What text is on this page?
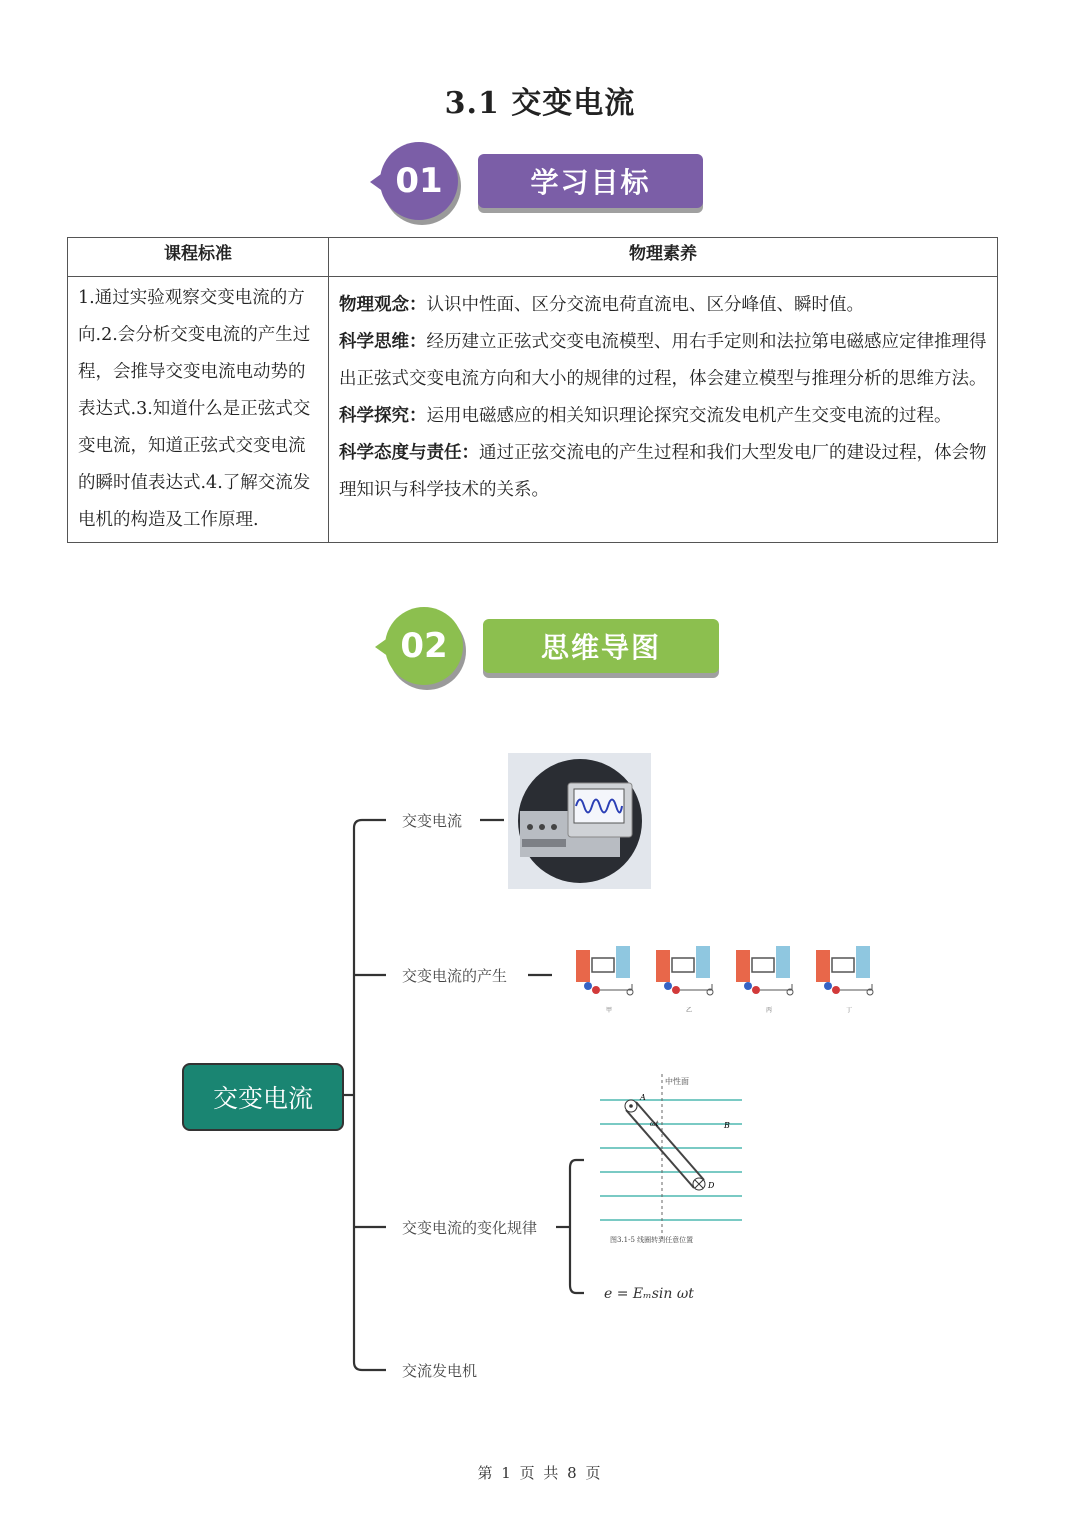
3.1 交变电流
01	学习目标
课程标准	物理素养
1.通过实验观察交变电流的方向.2.会分析交变电流的产生过程，会推导交变电流电动势的表达式.3.知道什么是正弦式交变电流，知道正弦式交变电流的瞬时值表达式.4.了解交流发电机的构造及工作原理.	物理观念：认识中性面、区分交流电荷直流电、区分峰值、瞬时值。

科学思维：经历建立正弦式交变电流模型、用右手定则和法拉第电磁感应定律推理得出正弦式交变电流方向和大小的规律的过程，体会建立模型与推理分析的思维方法。

科学探究：运用电磁感应的相关知识理论探究交流发电机产生交变电流的过程。

科学态度与责任：通过正弦交流电的产生过程和我们大型发电厂的建设过程，体会物理知识与科学技术的关系。

02	思维导图
交变电流
交变电流
交变电流的产生
交变电流的变化规律
交流发电机
甲	乙	丙	丁
中性面
A
B
D
ωt
图3.1-5 线圈转到任意位置
e = Eₘsin ωt
第 1 页 共 8 页
